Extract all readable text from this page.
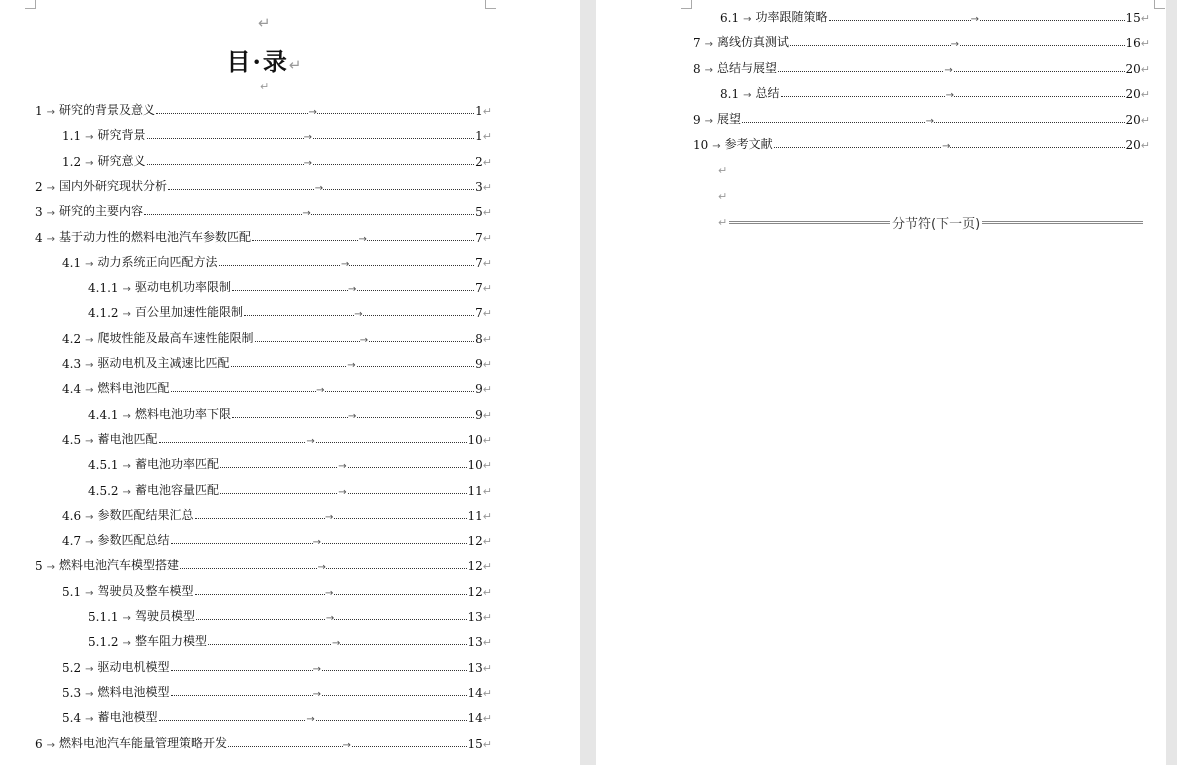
↵
目·录↵
↵
↵
↵
↵	分节符(下一页)
1 → 研究的背景及意义	→	1 ↵
1.1 → 研究背景	→	1 ↵
1.2 → 研究意义	→	2 ↵
2 → 国内外研究现状分析	→	3 ↵
3 → 研究的主要内容	→	5 ↵
4 → 基于动力性的燃料电池汽车参数匹配	→	7 ↵
4.1 → 动力系统正向匹配方法	→	7 ↵
4.1.1 → 驱动电机功率限制	→	7 ↵
4.1.2 → 百公里加速性能限制	→	7 ↵
4.2 → 爬坡性能及最高车速性能限制	→	8 ↵
4.3 → 驱动电机及主减速比匹配	→	9 ↵
4.4 → 燃料电池匹配	→	9 ↵
4.4.1 → 燃料电池功率下限	→	9 ↵
4.5 → 蓄电池匹配	→	10 ↵
4.5.1 → 蓄电池功率匹配	→	10 ↵
4.5.2 → 蓄电池容量匹配	→	11 ↵
4.6 → 参数匹配结果汇总	→	11 ↵
4.7 → 参数匹配总结	→	12 ↵
5 → 燃料电池汽车模型搭建	→	12 ↵
5.1 → 驾驶员及整车模型	→	12 ↵
5.1.1 → 驾驶员模型	→	13 ↵
5.1.2 → 整车阻力模型	→	13 ↵
5.2 → 驱动电机模型	→	13 ↵
5.3 → 燃料电池模型	→	14 ↵
5.4 → 蓄电池模型	→	14 ↵
6 → 燃料电池汽车能量管理策略开发	→	15 ↵
6.1 → 功率跟随策略	→	15 ↵
7 → 离线仿真测试	→	16 ↵
8 → 总结与展望	→	20 ↵
8.1 → 总结	→	20 ↵
9 → 展望	→	20 ↵
10 → 参考文献	→	20 ↵
